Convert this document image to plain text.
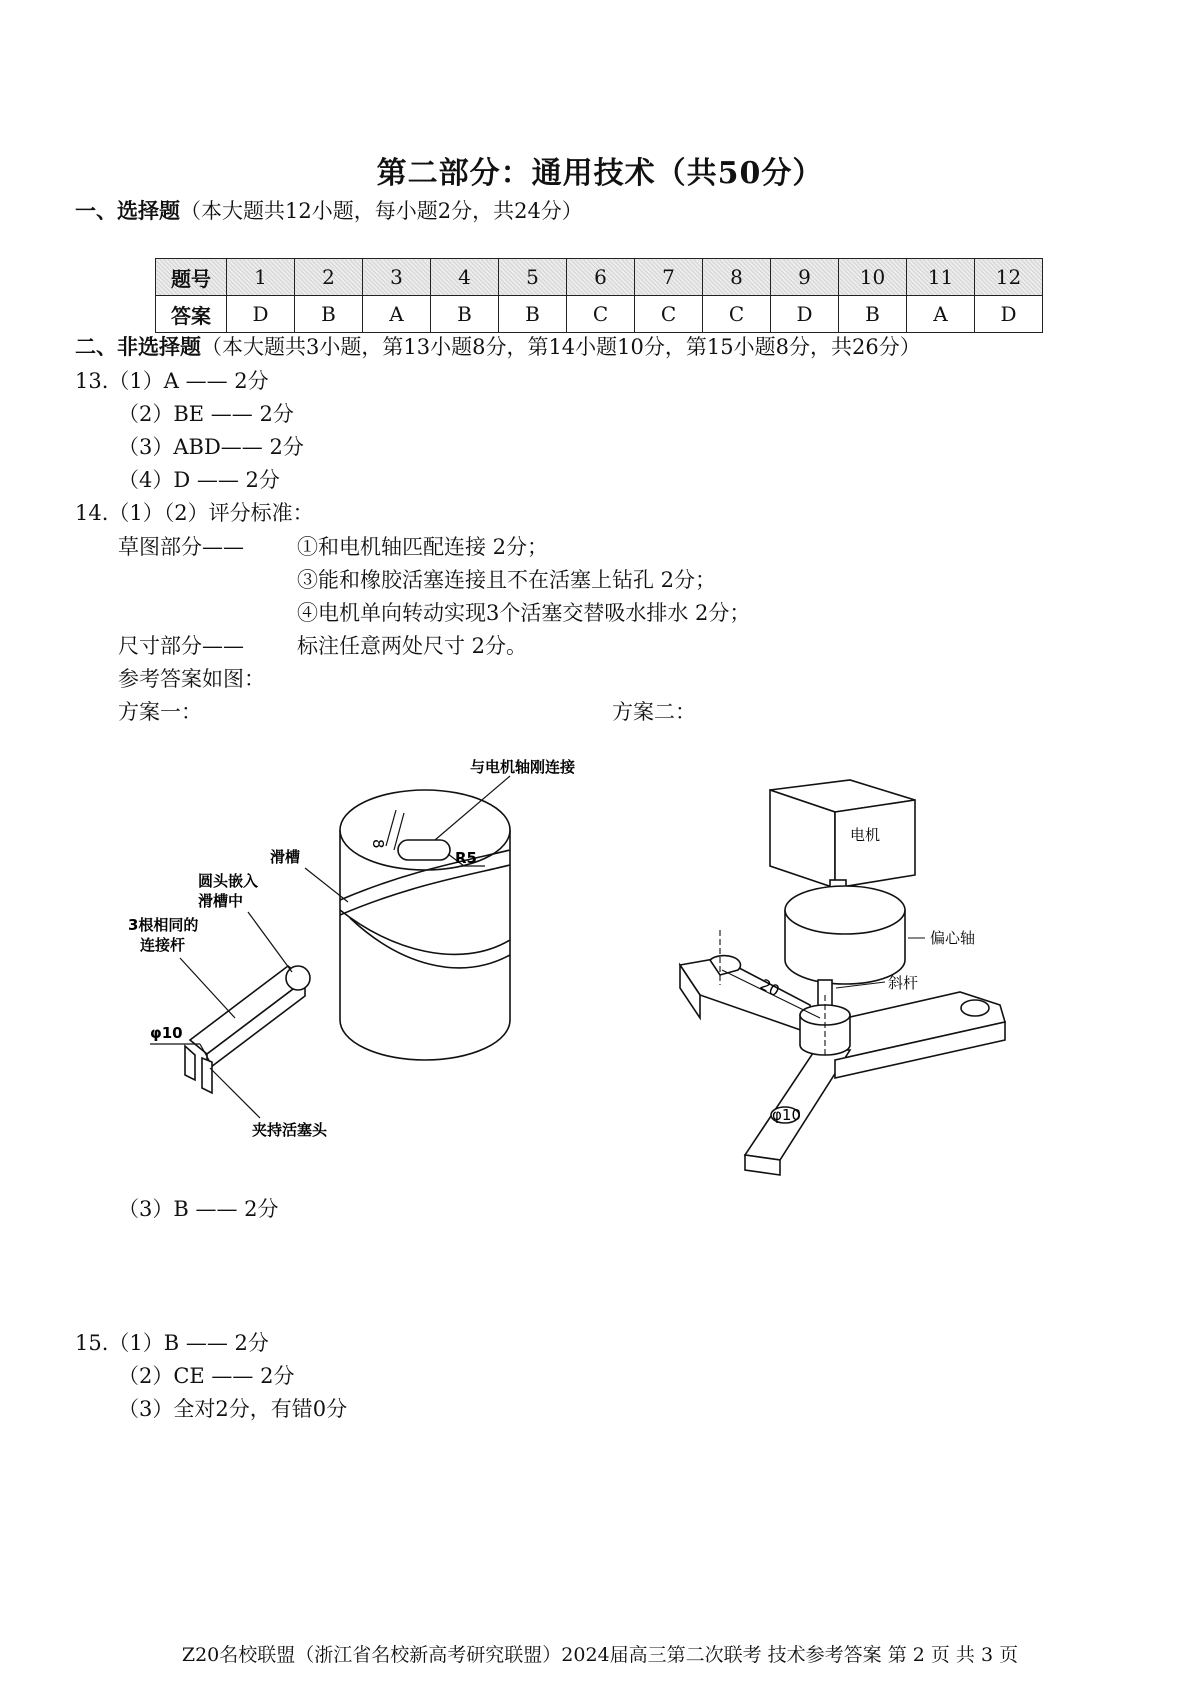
第二部分：通用技术（共50分）
一、选择题（本大题共12小题，每小题2分，共24分）
题号	1	2	3	4	5	6	7	8	9	10	11	12
答案	D	B	A	B	B	C	C	C	D	B	A	D
二、非选择题（本大题共3小题，第13小题8分，第14小题10分，第15小题8分，共26分）
13.（1）A —— 2分
（2）BE —— 2分
（3）ABD—— 2分
（4）D —— 2分
14.（1）（2）评分标准：
草图部分——	①和电机轴匹配连接 2分；
③能和橡胶活塞连接且不在活塞上钻孔 2分；
④电机单向转动实现3个活塞交替吸水排水 2分；
尺寸部分——	标注任意两处尺寸 2分。
参考答案如图：
方案一：	方案二：
8
R5
与电机轴刚连接
滑槽
圆头嵌入
滑槽中
3根相同的
连接杆
φ10
夹持活塞头
电机
偏心轴
斜杆
20
φ10
（3）B —— 2分
15.（1）B —— 2分
（2）CE —— 2分
（3）全对2分，有错0分
Z20名校联盟（浙江省名校新高考研究联盟）2024届高三第二次联考 技术参考答案 第 2 页 共 3 页
